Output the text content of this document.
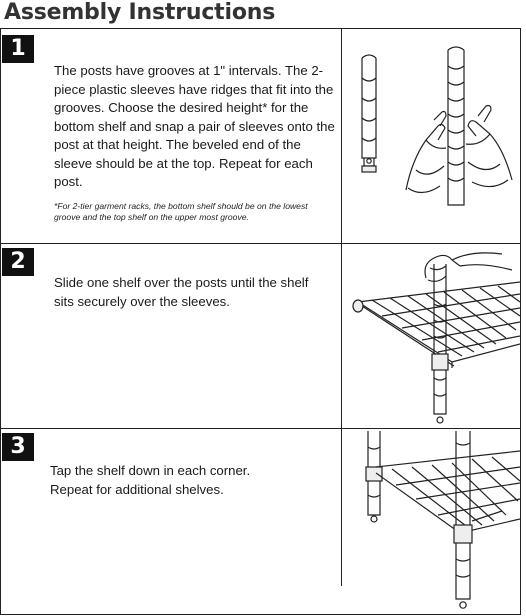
Assembly Instructions
1
The posts have grooves at 1" intervals. The 2-piece plastic sleeves have ridges that fit into the grooves. Choose the desired height* for the bottom shelf and snap a pair of sleeves onto the post at that height. The beveled end of the sleeve should be at the top. Repeat for each post.
*For 2-tier garment racks, the bottom shelf should be on the lowest groove and the top shelf on the upper most groove.
2
Slide one shelf over the posts until the shelf sits securely over the sleeves.
3
Tap the shelf down in each corner.
Repeat for additional shelves.
